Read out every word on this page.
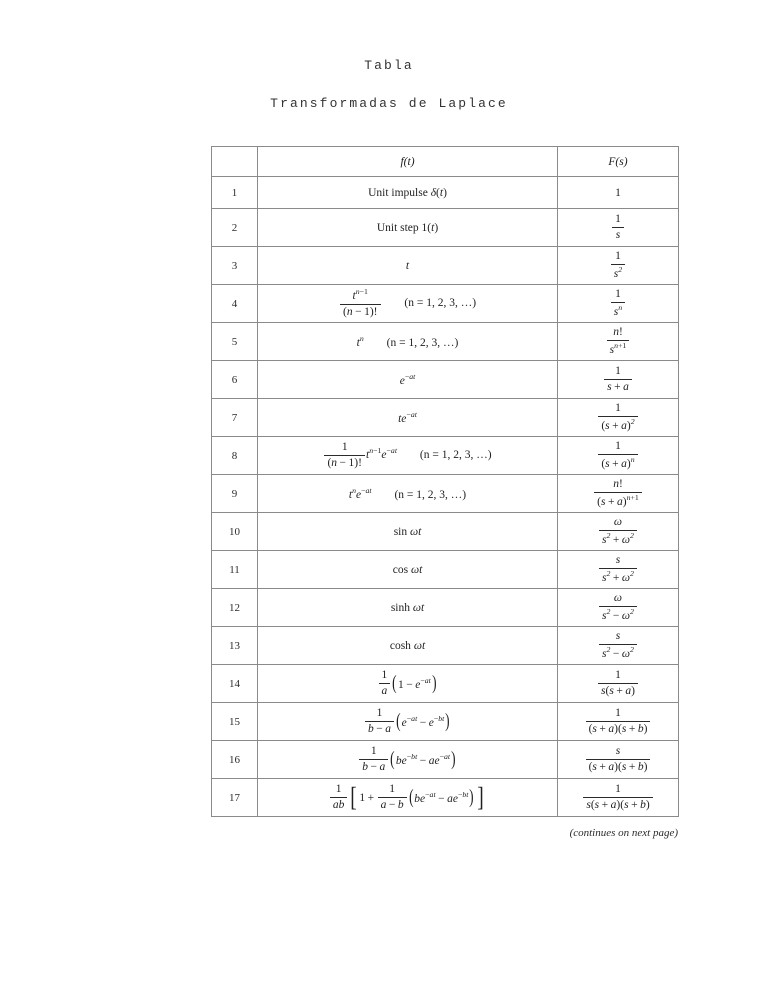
Tabla
Transformadas de Laplace
	f(t)	F(s)
1	Unit impulse δ(t)	1
2	Unit step 1(t)	$\frac{1}{s}$

3	t	$\frac{1}{s^2}$

4	$\frac{t^{n-1}}{(n - 1)!} (n = 1$, 2, 3, …)	$\frac{1}{s^n}$

5	$t^n$ (n = 1, 2, 3, …)	$\frac{n!}{s^{n+1}}$

6	$e^{-at}$	$\frac{1}{s + a}$

7	$te^{-at}$	$\frac{1}{(s + a)^2}$

8	$\frac{1}{(n - 1)!} t^{n-1}e^{-at}$ (n = 1, 2, 3, …)	$\frac{1}{(s + a)^n}$

9	$t^ne^{-at}$ (n = 1, 2, 3, …)	$\frac{n!}{(s + a)^{n+1}}$

10	sin ωt	$\frac{\omega}{s^2 + \omega^2}$

11	cos ωt	$\frac{s}{s^2 + \omega^2}$

12	sinh ωt	$\frac{\omega}{s^2 - \omega^2}$

13	cosh ωt	$\frac{s}{s^2 - \omega^2}$

14	$\frac{1}{a} (1 - e^{-at})$	$\frac{1}{s(s + a)}$

15	$\frac{1}{b - a} (e^{-at} - e^{-bt})$	$\frac{1}{(s + a)(s + b)}$

16	$\frac{1}{b - a} (be^{-bt} - ae^{-at})$	$\frac{s}{(s + a)(s + b)}$

17	$\frac{1}{ab}$ [ $1 + \frac{1}{a - b} (be^{-at} - ae^{-bt})$ ]	$\frac{1}{s(s + a)(s + b)}$
(continues on next page)
